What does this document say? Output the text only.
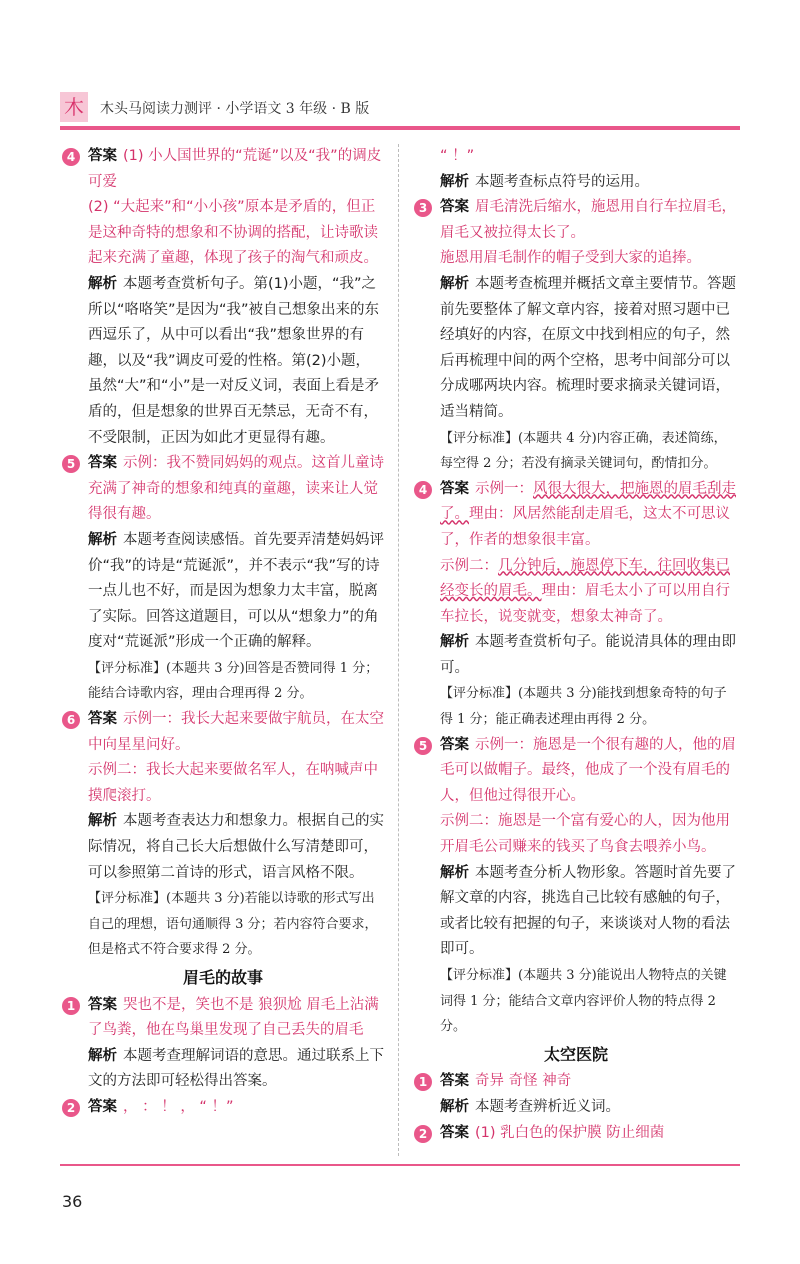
木 木头马阅读力测评 · 小学语文 3 年级 · B 版
4 答案 (1) 小人国世界的“荒诞”以及“我”的调皮可爱

(2) “大起来”和“小小孩”原本是矛盾的，但正是这种奇特的想象和不协调的搭配，让诗歌读起来充满了童趣，体现了孩子的淘气和顽皮。

解析 本题考查赏析句子。第(1)小题，“我”之所以“咯咯笑”是因为“我”被自己想象出来的东西逗乐了，从中可以看出“我”想象世界的有趣，以及“我”调皮可爱的性格。第(2)小题，虽然“大”和“小”是一对反义词，表面上看是矛盾的，但是想象的世界百无禁忌，无奇不有，不受限制，正因为如此才更显得有趣。

5 答案 示例：我不赞同妈妈的观点。这首儿童诗充满了神奇的想象和纯真的童趣，读来让人觉得很有趣。

解析 本题考查阅读感悟。首先要弄清楚妈妈评价“我”的诗是“荒诞派”，并不表示“我”写的诗一点儿也不好，而是因为想象力太丰富，脱离了实际。回答这道题目，可以从“想象力”的角度对“荒诞派”形成一个正确的解释。

【评分标准】(本题共 3 分)回答是否赞同得 1 分；能结合诗歌内容，理由合理再得 2 分。

6 答案 示例一：我长大起来要做宇航员，在太空中向星星问好。

示例二：我长大起来要做名军人，在呐喊声中摸爬滚打。

解析 本题考查表达力和想象力。根据自己的实际情况，将自己长大后想做什么写清楚即可，可以参照第二首诗的形式，语言风格不限。

【评分标准】(本题共 3 分)若能以诗歌的形式写出自己的理想，语句通顺得 3 分；若内容符合要求，但是格式不符合要求得 2 分。

眉毛的故事
1 答案 哭也不是，笑也不是 狼狈尬 眉毛上沾满了鸟粪，他在鸟巢里发现了自己丢失的眉毛

解析 本题考查理解词语的意思。通过联系上下文的方法即可轻松得出答案。

2 答案 ， ： ！ ， “ ！”

“ ！”

解析 本题考查标点符号的运用。

3 答案 眉毛清洗后缩水，施恩用自行车拉眉毛，眉毛又被拉得太长了。

施恩用眉毛制作的帽子受到大家的追捧。

解析 本题考查梳理并概括文章主要情节。答题前先要整体了解文章内容，接着对照习题中已经填好的内容，在原文中找到相应的句子，然后再梳理中间的两个空格，思考中间部分可以分成哪两块内容。梳理时要求摘录关键词语，适当精简。

【评分标准】(本题共 4 分)内容正确，表述简练，每空得 2 分；若没有摘录关键词句，酌情扣分。

4 答案 示例一：风很大很大，把施恩的眉毛刮走了。理由：风居然能刮走眉毛，这太不可思议了，作者的想象很丰富。

示例二：几分钟后，施恩停下车，往回收集已经变长的眉毛。理由：眉毛太小了可以用自行车拉长，说变就变，想象太神奇了。

解析 本题考查赏析句子。能说清具体的理由即可。

【评分标准】(本题共 3 分)能找到想象奇特的句子得 1 分；能正确表述理由再得 2 分。

5 答案 示例一：施恩是一个很有趣的人，他的眉毛可以做帽子。最终，他成了一个没有眉毛的人，但他过得很开心。

示例二：施恩是一个富有爱心的人，因为他用开眉毛公司赚来的钱买了鸟食去喂养小鸟。

解析 本题考查分析人物形象。答题时首先要了解文章的内容，挑选自己比较有感触的句子，或者比较有把握的句子，来谈谈对人物的看法即可。

【评分标准】(本题共 3 分)能说出人物特点的关键词得 1 分；能结合文章内容评价人物的特点得 2 分。

太空医院
1 答案 奇异 奇怪 神奇

解析 本题考查辨析近义词。

2 答案 (1) 乳白色的保护膜 防止细菌

36
